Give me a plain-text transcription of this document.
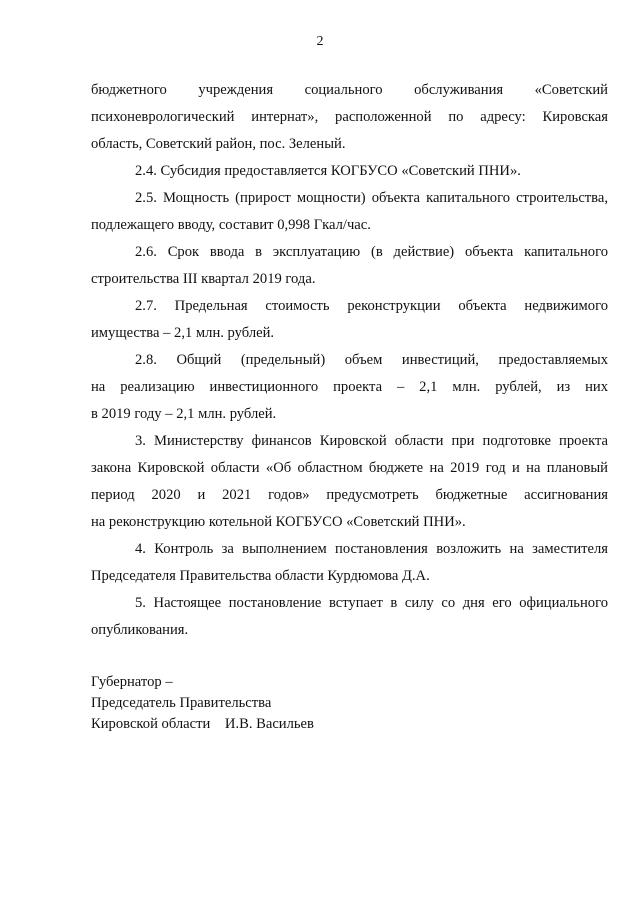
2
бюджетного учреждения социального обслуживания «Советский
психоневрологический интернат», расположенной по адресу: Кировская
область, Советский район, пос. Зеленый.
2.4. Субсидия предоставляется КОГБУСО «Советский ПНИ».
2.5. Мощность (прирост мощности) объекта капитального строительства,
подлежащего вводу, составит 0,998 Гкал/час.
2.6. Срок ввода в эксплуатацию (в действие) объекта капитального
строительства III квартал 2019 года.
2.7. Предельная стоимость реконструкции объекта недвижимого
имущества – 2,1 млн. рублей.
2.8. Общий (предельный) объем инвестиций, предоставляемых
на реализацию инвестиционного проекта – 2,1 млн. рублей, из них
в 2019 году – 2,1 млн. рублей.
3. Министерству финансов Кировской области при подготовке проекта
закона Кировской области «Об областном бюджете на 2019 год и на плановый
период 2020 и 2021 годов» предусмотреть бюджетные ассигнования
на реконструкцию котельной КОГБУСО «Советский ПНИ».
4. Контроль за выполнением постановления возложить на заместителя
Председателя Правительства области Курдюмова Д.А.
5. Настоящее постановление вступает в силу со дня его официального
опубликования.
Губернатор –
Председатель Правительства
Кировской области    И.В. Васильев
